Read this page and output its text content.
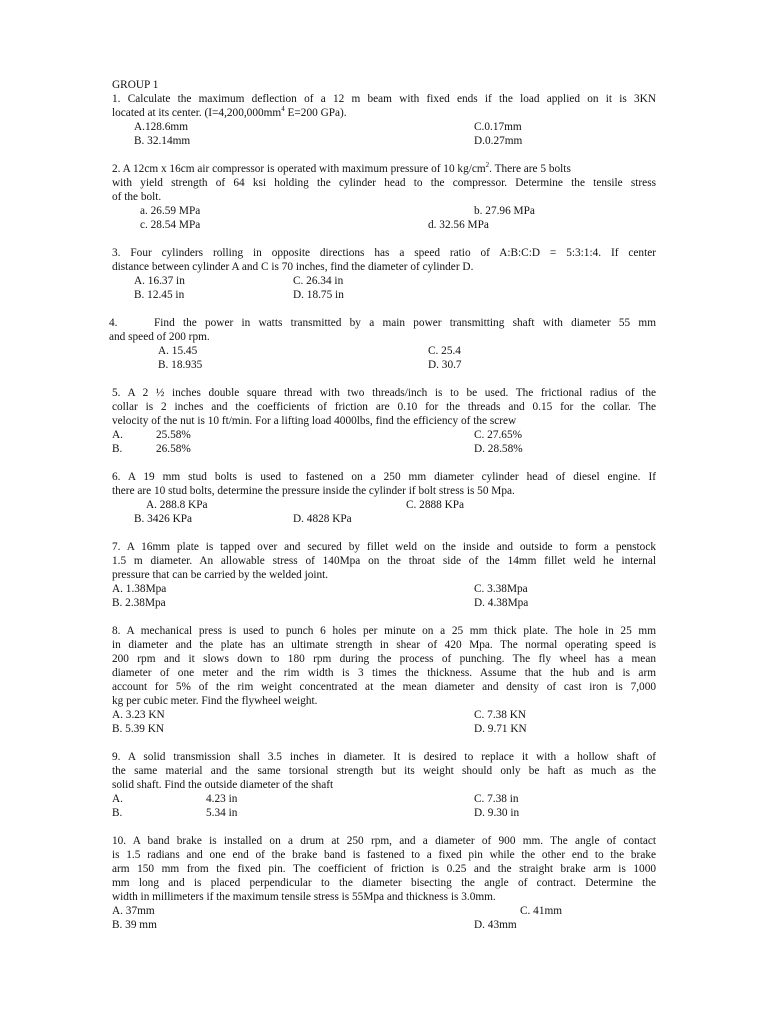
GROUP 1
1. Calculate the maximum deflection of a 12 m beam with fixed ends if the load applied on it is 3KN
located at its center. ($I=4,200,000mm^4$ E=200 GPa).
A.128.6mm	C.0.17mm
B. 32.14mm	D.0.27mm
2. A 12cm x 16cm air compressor is operated with maximum pressure of 10 $kg/cm^2$. There are 5 bolts
with yield strength of 64 ksi holding the cylinder head to the compressor. Determine the tensile stress
of the bolt.
a. 26.59 MPa	b. 27.96 MPa
c. 28.54 MPa	d. 32.56 MPa
3. Four cylinders rolling in opposite directions has a speed ratio of A:B:C:D = 5:3:1:4. If center
distance between cylinder A and C is 70 inches, find the diameter of cylinder D.
A. 16.37 in	C. 26.34 in
B. 12.45 in	D. 18.75 in
4.	Find the power in watts transmitted by a main power transmitting shaft with diameter 55 mm
and speed of 200 rpm.
A. 15.45	C. 25.4
B. 18.935	D. 30.7
5. A 2 ½ inches double square thread with two threads/inch is to be used. The frictional radius of the
collar is 2 inches and the coefficients of friction are 0.10 for the threads and 0.15 for the collar. The
velocity of the nut is 10 ft/min. For a lifting load 4000lbs, find the efficiency of the screw
A.	25.58%	C. 27.65%
B.	26.58%	D. 28.58%
6. A 19 mm stud bolts is used to fastened on a 250 mm diameter cylinder head of diesel engine. If
there are 10 stud bolts, determine the pressure inside the cylinder if bolt stress is 50 Mpa.
A. 288.8 KPa	C. 2888 KPa
B. 3426 KPa	D. 4828 KPa
7. A 16mm plate is tapped over and secured by fillet weld on the inside and outside to form a penstock
1.5 m diameter. An allowable stress of 140Mpa on the throat side of the 14mm fillet weld he internal
pressure that can be carried by the welded joint.
A. 1.38Mpa	C. 3.38Mpa
B. 2.38Mpa	D. 4.38Mpa
8. A mechanical press is used to punch 6 holes per minute on a 25 mm thick plate. The hole in 25 mm
in diameter and the plate has an ultimate strength in shear of 420 Mpa. The normal operating speed is
200 rpm and it slows down to 180 rpm during the process of punching. The fly wheel has a mean
diameter of one meter and the rim width is 3 times the thickness. Assume that the hub and is arm
account for 5% of the rim weight concentrated at the mean diameter and density of cast iron is 7,000
kg per cubic meter. Find the flywheel weight.
A. 3.23 KN	C. 7.38 KN
B. 5.39 KN	D. 9.71 KN
9. A solid transmission shall 3.5 inches in diameter. It is desired to replace it with a hollow shaft of
the same material and the same torsional strength but its weight should only be haft as much as the
solid shaft. Find the outside diameter of the shaft
A.	4.23 in	C. 7.38 in
B.	5.34 in	D. 9.30 in
10. A band brake is installed on a drum at 250 rpm, and a diameter of 900 mm. The angle of contact
is 1.5 radians and one end of the brake band is fastened to a fixed pin while the other end to the brake
arm 150 mm from the fixed pin. The coefficient of friction is 0.25 and the straight brake arm is 1000
mm long and is placed perpendicular to the diameter bisecting the angle of contract. Determine the
width in millimeters if the maximum tensile stress is 55Mpa and thickness is 3.0mm.
A. 37mm	C. 41mm
B. 39 mm	D. 43mm
